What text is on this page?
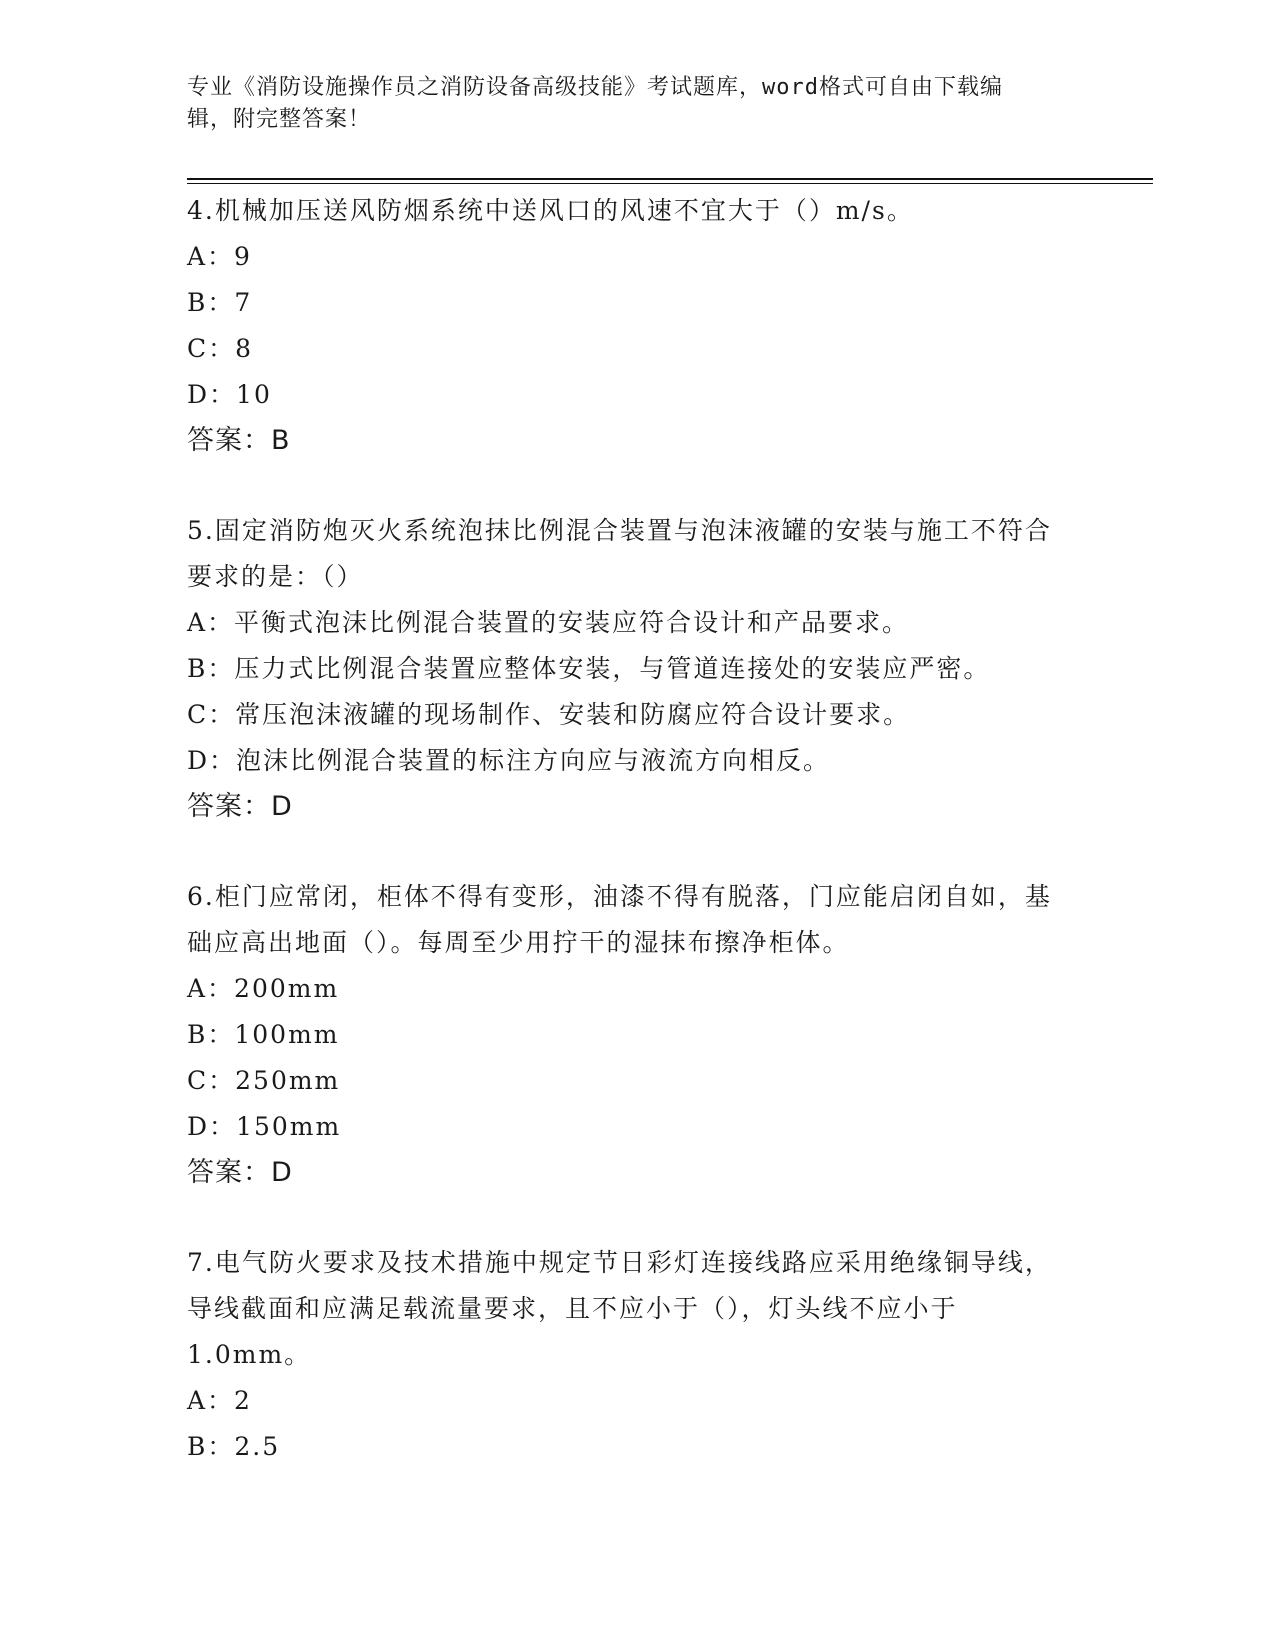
专业《消防设施操作员之消防设备高级技能》考试题库，word格式可自由下载编
辑，附完整答案！

4.机械加压送风防烟系统中送风口的风速不宜大于（）m/s。

A：9

B：7

C：8

D：10

答案：B

5.固定消防炮灭火系统泡抹比例混合装置与泡沫液罐的安装与施工不符合要求的是：（）

A：平衡式泡沫比例混合装置的安装应符合设计和产品要求。

B：压力式比例混合装置应整体安装，与管道连接处的安装应严密。

C：常压泡沫液罐的现场制作、安装和防腐应符合设计要求。

D：泡沫比例混合装置的标注方向应与液流方向相反。

答案：D

6.柜门应常闭，柜体不得有变形，油漆不得有脱落，门应能启闭自如，基础应高出地面（）。每周至少用拧干的湿抹布擦净柜体。

A：200mm

B：100mm

C：250mm

D：150mm

答案：D

7.电气防火要求及技术措施中规定节日彩灯连接线路应采用绝缘铜导线，导线截面和应满足载流量要求，且不应小于（），灯头线不应小于1.0mm。

A：2

B：2.5
